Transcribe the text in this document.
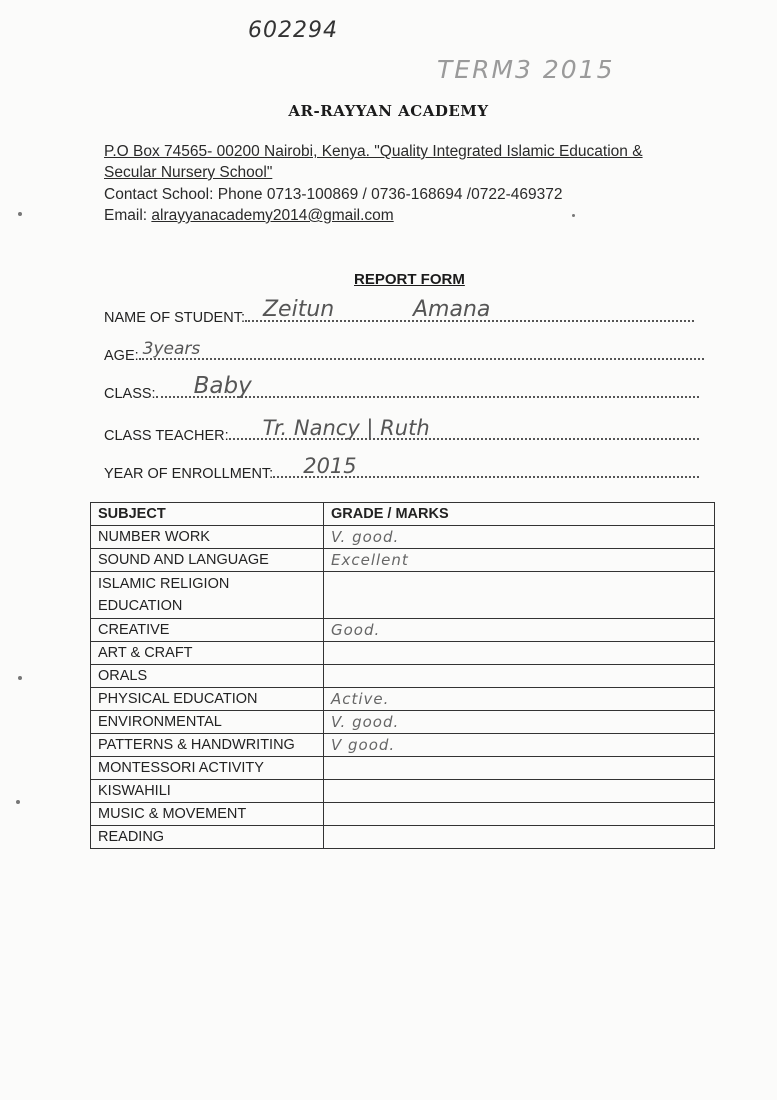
602294
TERM3 2015
AR-RAYYAN ACADEMY
P.O Box 74565- 00200 Nairobi, Kenya. "Quality Integrated Islamic Education &
Secular Nursery School"
Contact School: Phone 0713-100869 / 0736-168694 /0722-469372
Email: alrayyanacademy2014@gmail.com
REPORT FORM
NAME OF STUDENT: Zeitun	Amana
AGE: 3years
CLASS: Baby
CLASS TEACHER: Tr. Nancy | Ruth
YEAR OF ENROLLMENT: 2015
SUBJECT	GRADE / MARKS
NUMBER WORK	V. good.
SOUND AND LANGUAGE	Excellent
ISLAMIC RELIGION EDUCATION	
CREATIVE	Good.
ART & CRAFT	
ORALS	
PHYSICAL EDUCATION	Active.
ENVIRONMENTAL	V. good.
PATTERNS & HANDWRITING	V good.
MONTESSORI ACTIVITY	
KISWAHILI	
MUSIC & MOVEMENT	
READING	
